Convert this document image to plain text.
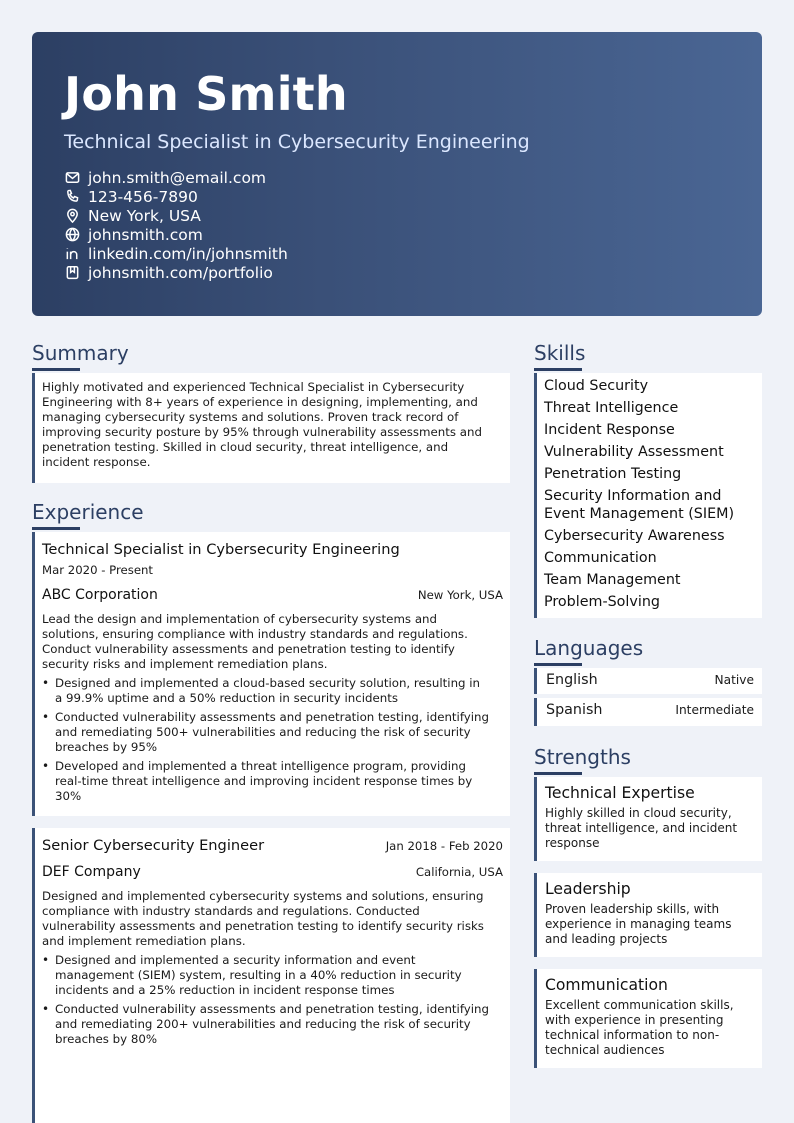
John Smith
Technical Specialist in Cybersecurity Engineering
john.smith@email.com
123-456-7890
New York, USA
johnsmith.com
linkedin.com/in/johnsmith
johnsmith.com/portfolio
Summary
Highly motivated and experienced Technical Specialist in Cybersecurity
Engineering with 8+ years of experience in designing, implementing, and
managing cybersecurity systems and solutions. Proven track record of
improving security posture by 95% through vulnerability assessments and
penetration testing. Skilled in cloud security, threat intelligence, and
incident response.
Experience
Technical Specialist in Cybersecurity Engineering
Mar 2020 - Present
ABC Corporation	New York, USA
Lead the design and implementation of cybersecurity systems and
solutions, ensuring compliance with industry standards and regulations.
Conduct vulnerability assessments and penetration testing to identify
security risks and implement remediation plans.
• Designed and implemented a cloud-based security solution, resulting in
a 99.9% uptime and a 50% reduction in security incidents
• Conducted vulnerability assessments and penetration testing, identifying
and remediating 500+ vulnerabilities and reducing the risk of security
breaches by 95%
• Developed and implemented a threat intelligence program, providing
real-time threat intelligence and improving incident response times by
30%
Senior Cybersecurity Engineer	Jan 2018 - Feb 2020
DEF Company	California, USA
Designed and implemented cybersecurity systems and solutions, ensuring
compliance with industry standards and regulations. Conducted
vulnerability assessments and penetration testing to identify security risks
and implement remediation plans.
• Designed and implemented a security information and event
management (SIEM) system, resulting in a 40% reduction in security
incidents and a 25% reduction in incident response times
• Conducted vulnerability assessments and penetration testing, identifying
and remediating 200+ vulnerabilities and reducing the risk of security
breaches by 80%
Skills
Cloud Security
Threat Intelligence
Incident Response
Vulnerability Assessment
Penetration Testing
Security Information and
Event Management (SIEM)
Cybersecurity Awareness
Communication
Team Management
Problem-Solving
Languages
English	Native
Spanish	Intermediate
Strengths
Technical Expertise
Highly skilled in cloud security,
threat intelligence, and incident
response
Leadership
Proven leadership skills, with
experience in managing teams
and leading projects
Communication
Excellent communication skills,
with experience in presenting
technical information to non-
technical audiences
